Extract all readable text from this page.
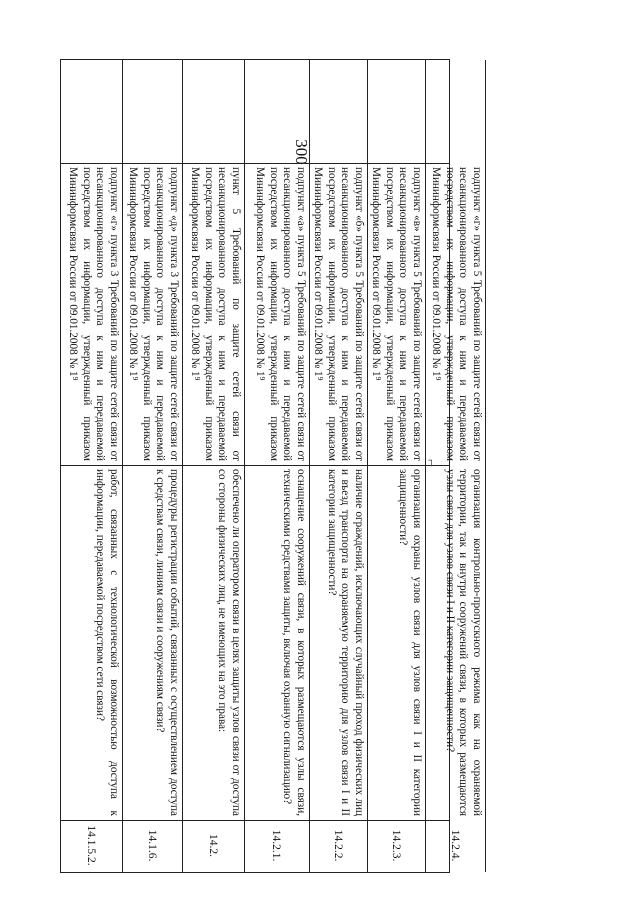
300
14.1.5.2.
работ, связанных с технологической возможностью доступа к информации, передаваемой посредством сети связи?
подпункт «г» пункта 3 Требований по защите сетей связи от несанкционированного доступа к ним и передаваемой посредством их информации, утвержденный приказом Мининформсвязи России от 09.01.2008 № 1⁹
14.1.6.
процедуры регистрации событий, связанных с осуществлением доступа к средствам связи, линиям связи и сооружениям связи?
подпункт «д» пункта 3 Требований по защите сетей связи от несанкционированного доступа к ним и передаваемой посредством их информации, утвержденный приказом Мининформсвязи России от 09.01.2008 № 1⁹
14.2.
обеспечено ли оператором связи в целях защиты узлов связи от доступа со стороны физических лиц, не имеющих на это права:
пункт 5 Требований по защите сетей связи от несанкционированного доступа к ним и передаваемой посредством их информации, утвержденный приказом Мининформсвязи России от 09.01.2008 № 1⁹
14.2.1.
оснащение сооружений связи, в которых размещаются узлы связи, техническими средствами защиты, включая охранную сигнализацию?
подпункт «а» пункта 5 Требований по защите сетей связи от несанкционированного доступа к ним и передаваемой посредством их информации, утвержденный приказом Мининформсвязи России от 09.01.2008 № 1⁹
14.2.2.
наличие ограждений, исключающих случайный проход физических лиц и въезд транспорта на охраняемую территорию для узлов связи I и II категории защищенности?
подпункт «б» пункта 5 Требований по защите сетей связи от несанкционированного доступа к ним и передаваемой посредством их информации, утвержденный приказом Мининформсвязи России от 09.01.2008 № 1⁹
14.2.3.
организация охраны узлов связи для узлов связи I и II категории защищенности?
подпункт «в» пункта 5 Требований по защите сетей связи от несанкционированного доступа к ним и передаваемой посредством их информации, утвержденный приказом Мининформсвязи России от 09.01.2008 № 1⁹
14.2.4.
организация контрольно-пропускного режима как на охраняемой территории, так и внутри сооружений связи, в которых размещаются узлы связи для узлов связи I и II категории защищенности?
подпункт «г» пункта 5 Требований по защите сетей связи от несанкционированного доступа к ним и передаваемой посредством их информации, утвержденный приказом Мининформсвязи России от 09.01.2008 № 1⁹
⌐
